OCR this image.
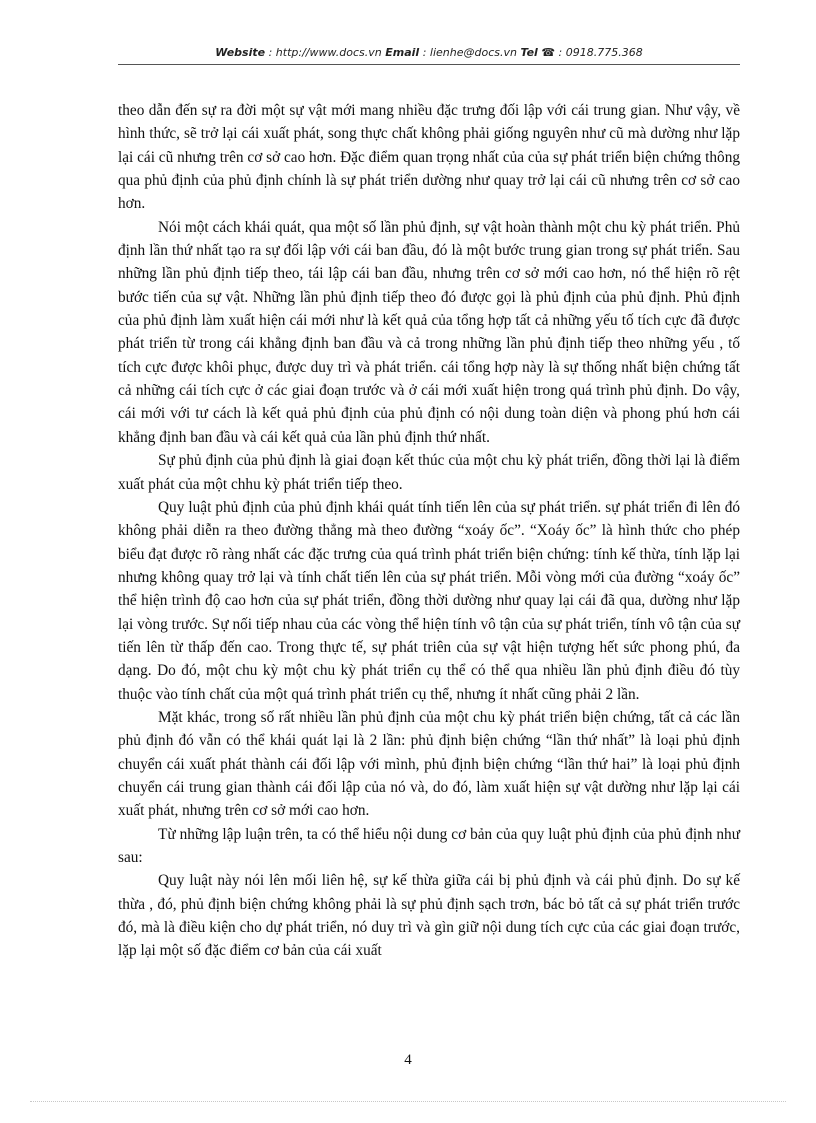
Website : http://www.docs.vn Email : lienhe@docs.vn Tel ☎ : 0918.775.368

theo dẫn đến sự ra đời một sự vật mới mang nhiều đặc trưng đối lập với cái trung gian. Như vậy, về hình thức, sẽ trở lại cái xuất phát, song thực chất không phải giống nguyên như cũ mà dường như lặp lại cái cũ nhưng trên cơ sở cao hơn. Đặc điểm quan trọng nhất của của sự phát triển biện chứng thông qua phủ định của phủ định chính là sự phát triển dường như quay trở lại cái cũ nhưng trên cơ sở cao hơn.

Nói một cách khái quát, qua một số lần phủ định, sự vật hoàn thành một chu kỳ phát triển. Phủ định lần thứ nhất tạo ra sự đối lập với cái ban đầu, đó là một bước trung gian trong sự phát triển. Sau những lần phủ định tiếp theo, tái lập cái ban đầu, nhưng trên cơ sở mới cao hơn, nó thể hiện rõ rệt bước tiến của sự vật. Những lần phủ định tiếp theo đó được gọi là phủ định của phủ định. Phủ định của phủ định làm xuất hiện cái mới như là kết quả của tổng hợp tất cả những yếu tố tích cực đã được phát triển từ trong cái khẳng định ban đầu và cả trong những lần phủ định tiếp theo những yếu , tố tích cực được khôi phục, được duy trì và phát triển. cái tổng hợp này là sự thống nhất biện chứng tất cả những cái tích cực ở các giai đoạn trước và ở cái mới xuất hiện trong quá trình phủ định. Do vậy, cái mới với tư cách là kết quả phủ định của phủ định có nội dung toàn diện và phong phú hơn cái khẳng định ban đầu và cái kết quả của lần phủ định thứ nhất.

Sự phủ định của phủ định là giai đoạn kết thúc của một chu kỳ phát triển, đồng thời lại là điểm xuất phát của một chhu kỳ phát triển tiếp theo.

Quy luật phủ định của phủ định khái quát tính tiến lên của sự phát triển. sự phát triển đi lên đó không phải diễn ra theo đường thẳng mà theo đường “xoáy ốc”. “Xoáy ốc” là hình thức cho phép biểu đạt được rõ ràng nhất các đặc trưng của quá trình phát triển biện chứng: tính kế thừa, tính lặp lại nhưng không quay trở lại và tính chất tiến lên của sự phát triển. Mỗi vòng mới của đường “xoáy ốc” thể hiện trình độ cao hơn của sự phát triển, đồng thời dường như quay lại cái đã qua, dường như lặp lại vòng trước. Sự nối tiếp nhau của các vòng thể hiện tính vô tận của sự phát triển, tính vô tận của sự tiến lên từ thấp đến cao. Trong thực tế, sự phát triên của sự vật hiện tượng hết sức phong phú, đa dạng. Do đó, một chu kỳ một chu kỳ phát triển cụ thể có thể qua nhiều lần phủ định điều đó tùy thuộc vào tính chất của một quá trình phát triển cụ thể, nhưng ít nhất cũng phải 2 lần.

Mặt khác, trong số rất nhiều lần phủ định của một chu kỳ phát triển biện chứng, tất cả các lần phủ định đó vẫn có thể khái quát lại là 2 lần: phủ định biện chứng “lần thứ nhất” là loại phủ định chuyển cái xuất phát thành cái đối lập với mình, phủ định biện chứng “lần thứ hai” là loại phủ định chuyển cái trung gian thành cái đối lập của nó và, do đó, làm xuất hiện sự vật dường như lặp lại cái xuất phát, nhưng trên cơ sở mới cao hơn.

Từ những lập luận trên, ta có thể hiểu nội dung cơ bản của quy luật phủ định của phủ định như sau:

Quy luật này nói lên mối liên hệ, sự kế thừa giữa cái bị phủ định và cái phủ định. Do sự kế thừa , đó, phủ định biện chứng không phải là sự phủ định sạch trơn, bác bỏ tất cả sự phát triển trước đó, mà là điều kiện cho dự phát triển, nó duy trì và gìn giữ nội dung tích cực của các giai đoạn trước, lặp lại một số đặc điểm cơ bản của cái xuất

4
